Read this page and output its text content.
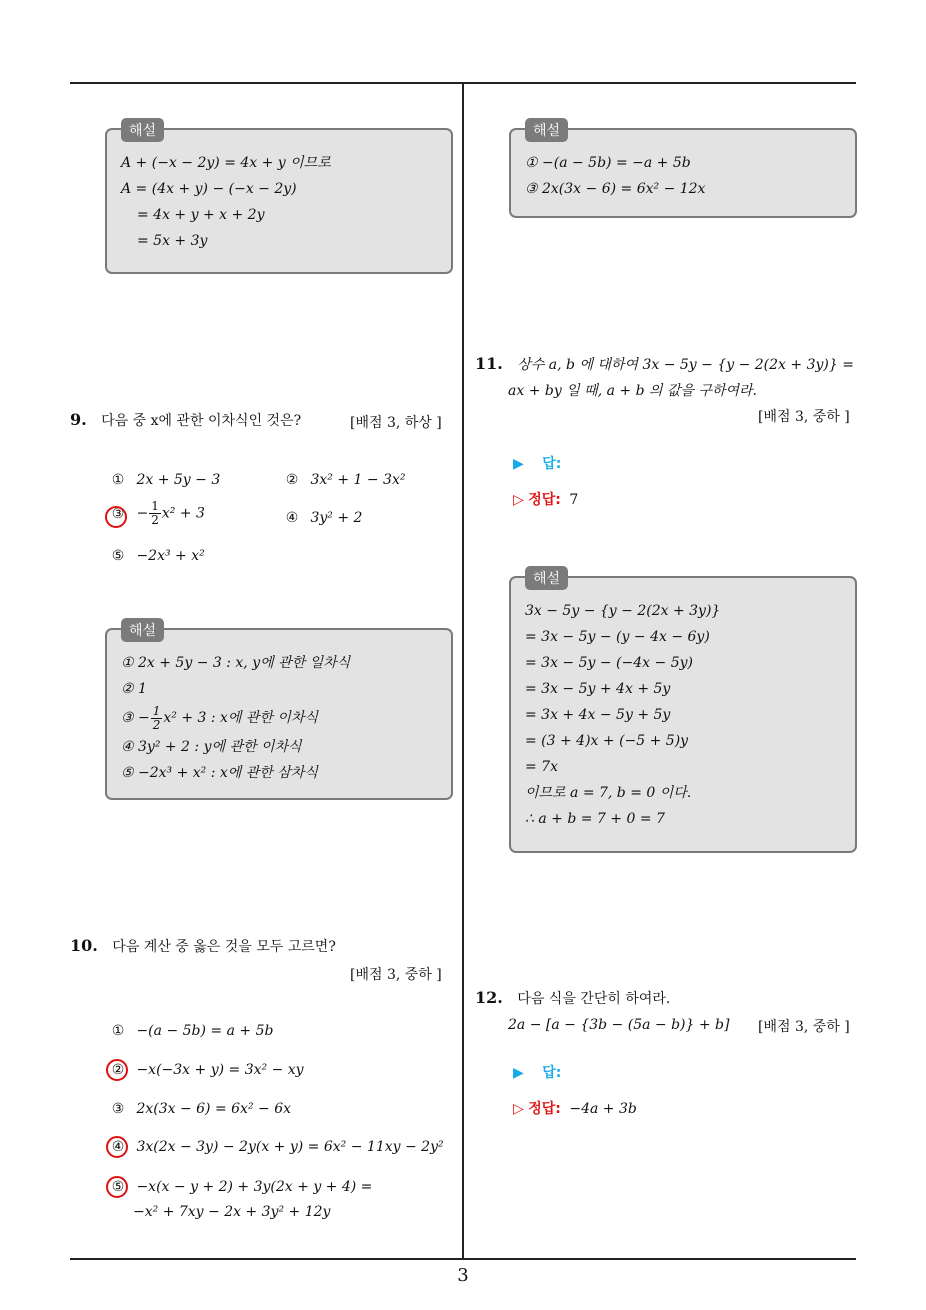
해설
A + (−x − 2y) = 4x + y 이므로
A = (4x + y) − (−x − 2y)
= 4x + y + x + 2y
= 5x + 3y
9. 다음 중 x에 관한 이차식인 것은?	[배점 3, 하상 ]
① 2x + 5y − 3	② 3x² + 1 − 3x²
③ − $\frac{1}{2} x^2 + 3$	④ 3y² + 2
⑤ −2x³ + x²
해설
① 2x + 5y − 3 : x, y에 관한 일차식
② 1
③ − $\frac{1}{2} x^2 + 3$ : x에 관한 이차식
④ 3y² + 2 : y에 관한 이차식
⑤ −2x³ + x² : x에 관한 삼차식
10. 다음 계산 중 옳은 것을 모두 고르면?
[배점 3, 중하 ]
① −(a − 5b) = a + 5b
② −x(−3x + y) = 3x² − xy
③ 2x(3x − 6) = 6x² − 6x
④ 3x(2x − 3y) − 2y(x + y) = 6x² − 11xy − 2y²
⑤ −x(x − y + 2) + 3y(2x + y + 4) =
−x² + 7xy − 2x + 3y² + 12y
해설
① −(a − 5b) = −a + 5b
③ 2x(3x − 6) = 6x² − 12x
11. 상수 a, b 에 대하여 3x − 5y − {y − 2(2x + 3y)} =
ax + by 일 때, a + b 의 값을 구하여라.
[배점 3, 중하 ]
▶ 답:
▷ 정답: 7
해설
3x − 5y − {y − 2(2x + 3y)}
= 3x − 5y − (y − 4x − 6y)
= 3x − 5y − (−4x − 5y)
= 3x − 5y + 4x + 5y
= 3x + 4x − 5y + 5y
= (3 + 4)x + (−5 + 5)y
= 7x
이므로 a = 7, b = 0 이다.
∴ a + b = 7 + 0 = 7
12. 다음 식을 간단히 하여라.
2a − [a − {3b − (5a − b)} + b] [배점 3, 중하 ]
▶ 답:
▷ 정답: −4a + 3b
3
